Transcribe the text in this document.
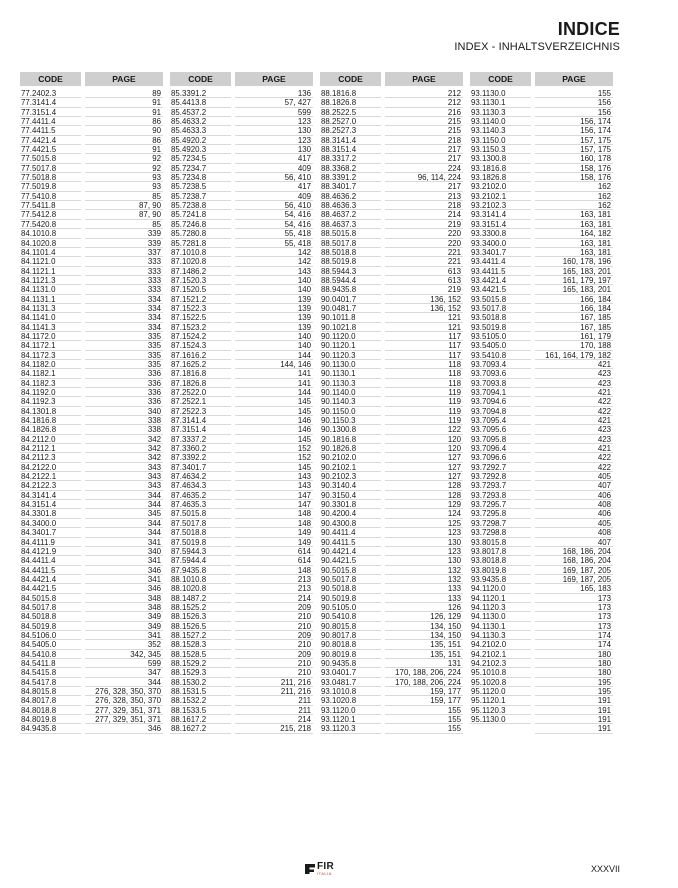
INDICE
INDEX - INHALTSVERZEICHNIS
CODE
77.2402.3
77.3141.4
77.3151.4
77.4411.4
77.4411.5
77.4421.4
77.4421.5
77.5015.8
77.5017.8
77.5018.8
77.5019.8
77.5410.8
77.5411.8
77.5412.8
77.5420.8
84.1010.8
84.1020.8
84.1101.4
84.1121.0
84.1121.1
84.1121.3
84.1131.0
84.1131.1
84.1131.3
84.1141.0
84.1141.3
84.1172.0
84.1172.1
84.1172.3
84.1182.0
84.1182.1
84.1182.3
84.1192.0
84.1192.3
84.1301.8
84.1816.8
84.1826.8
84.2112.0
84.2112.1
84.2112.3
84.2122.0
84.2122.1
84.2122.3
84.3141.4
84.3151.4
84.3301.8
84.3400.0
84.3401.7
84.4111.9
84.4121.9
84.4411.4
84.4411.5
84.4421.4
84.4421.5
84.5015.8
84.5017.8
84.5018.8
84.5019.8
84.5106.0
84.5405.0
84.5410.8
84.5411.8
84.5415.8
84.5417.8
84.8015.8
84.8017.8
84.8018.8
84.8019.8
84.9435.8
PAGE
89
91
91
86
90
86
91
92
92
93
93
85
87, 90
87, 90
85
339
339
337
333
333
333
333
334
334
334
334
335
335
335
335
336
336
336
336
340
338
338
342
342
342
343
343
343
344
344
345
344
344
341
340
341
346
341
346
348
348
349
349
341
352
342, 345
599
347
344
276, 328, 350, 370
276, 328, 350, 370
277, 329, 351, 371
277, 329, 351, 371
346
CODE
85.3391.2
85.4413.8
85.4537.2
85.4633.2
85.4633.3
85.4920.2
85.4920.3
85.7234.5
85.7234.7
85.7234.8
85.7238.5
85.7238.7
85.7238.8
85.7241.8
85.7246.8
85.7280.8
85.7281.8
87.1010.8
87.1020.8
87.1486.2
87.1520.3
87.1520.5
87.1521.2
87.1522.3
87.1522.5
87.1523.2
87.1524.2
87.1524.3
87.1616.2
87.1625.2
87.1816.8
87.1826.8
87.2522.0
87.2522.1
87.2522.3
87.3141.4
87.3151.4
87.3337.2
87.3360.2
87.3392.2
87.3401.7
87.4634.2
87.4634.3
87.4635.2
87.4635.3
87.5015.8
87.5017.8
87.5018.8
87.5019.8
87.5944.3
87.5944.4
87.9435.8
88.1010.8
88.1020.8
88.1487.2
88.1525.2
88.1526.3
88.1526.5
88.1527.2
88.1528.3
88.1528.5
88.1529.2
88.1529.3
88.1530.2
88.1531.5
88.1532.2
88.1533.5
88.1617.2
88.1627.2
PAGE
136
57, 427
599
123
130
123
130
417
409
56, 410
417
409
56, 410
54, 416
54, 416
55, 418
55, 418
142
142
143
140
140
139
139
139
139
140
140
144
144, 146
141
141
144
145
145
146
146
145
152
152
145
143
143
147
147
148
148
149
149
614
614
148
213
213
214
209
210
210
209
210
209
210
210
211, 216
211, 216
211
211
214
215, 218
CODE
88.1816.8
88.1826.8
88.2522.5
88.2527.0
88.2527.3
88.3141.4
88.3151.4
88.3317.2
88.3368.2
88.3391.2
88.3401.7
88.4636.2
88.4636.3
88.4637.2
88.4637.3
88.5015.8
88.5017.8
88.5018.8
88.5019.8
88.5944.3
88.5944.4
88.9435.8
90.0401.7
90.0481.7
90.1011.8
90.1021.8
90.1120.0
90.1120.1
90.1120.3
90.1130.0
90.1130.1
90.1130.3
90.1140.0
90.1140.3
90.1150.0
90.1150.3
90.1300.8
90.1816.8
90.1826.8
90.2102.0
90.2102.1
90.2102.3
90.3140.4
90.3150.4
90.3301.8
90.4200.4
90.4300.8
90.4411.4
90.4411.5
90.4421.4
90.4421.5
90.5015.8
90.5017.8
90.5018.8
90.5019.8
90.5105.0
90.5410.8
90.8015.8
90.8017.8
90.8018.8
90.8019.8
90.9435.8
93.0401.7
93.0481.7
93.1010.8
93.1020.8
93.1120.0
93.1120.1
93.1120.3
PAGE
212
212
216
215
215
218
217
217
224
96, 114, 224
217
213
218
214
219
220
220
221
221
613
613
219
136, 152
136, 152
121
121
117
117
117
118
118
118
119
119
119
119
122
120
120
127
127
127
128
128
129
124
125
123
130
123
130
132
132
133
133
126
126, 129
134, 150
134, 150
135, 151
135, 151
131
170, 188, 206, 224
170, 188, 206, 224
159, 177
159, 177
155
155
155
CODE
93.1130.0
93.1130.1
93.1130.3
93.1140.0
93.1140.3
93.1150.0
93.1150.3
93.1300.8
93.1816.8
93.1826.8
93.2102.0
93.2102.1
93.2102.3
93.3141.4
93.3151.4
93.3300.8
93.3400.0
93.3401.7
93.4411.4
93.4411.5
93.4421.4
93.4421.5
93.5015.8
93.5017.8
93.5018.8
93.5019.8
93.5105.0
93.5405.0
93.5410.8
93.7093.4
93.7093.6
93.7093.8
93.7094.1
93.7094.6
93.7094.8
93.7095.4
93.7095.6
93.7095.8
93.7096.4
93.7096.6
93.7292.7
93.7292.8
93.7293.7
93.7293.8
93.7295.7
93.7295.8
93.7298.7
93.7298.8
93.8015.8
93.8017.8
93.8018.8
93.8019.8
93.9435.8
94.1120.0
94.1120.1
94.1120.3
94.1130.0
94.1130.1
94.1130.3
94.2102.0
94.2102.1
94.2102.3
95.1010.8
95.1020.8
95.1120.0
95.1120.1
95.1120.3
95.1130.0
PAGE
155
156
156
156, 174
156, 174
157, 175
157, 175
160, 178
158, 176
158, 176
162
162
162
163, 181
163, 181
164, 182
163, 181
163, 181
160, 178, 196
165, 183, 201
161, 179, 197
165, 183, 201
166, 184
166, 184
167, 185
167, 185
161, 179
170, 188
161, 164, 179, 182
421
423
423
421
422
422
421
423
423
421
422
422
405
407
406
408
406
405
408
407
168, 186, 204
168, 186, 204
169, 187, 205
169, 187, 205
165, 183
173
173
173
173
174
174
180
180
180
195
195
191
191
191
191
FIR
ITALIA	XXXVII
